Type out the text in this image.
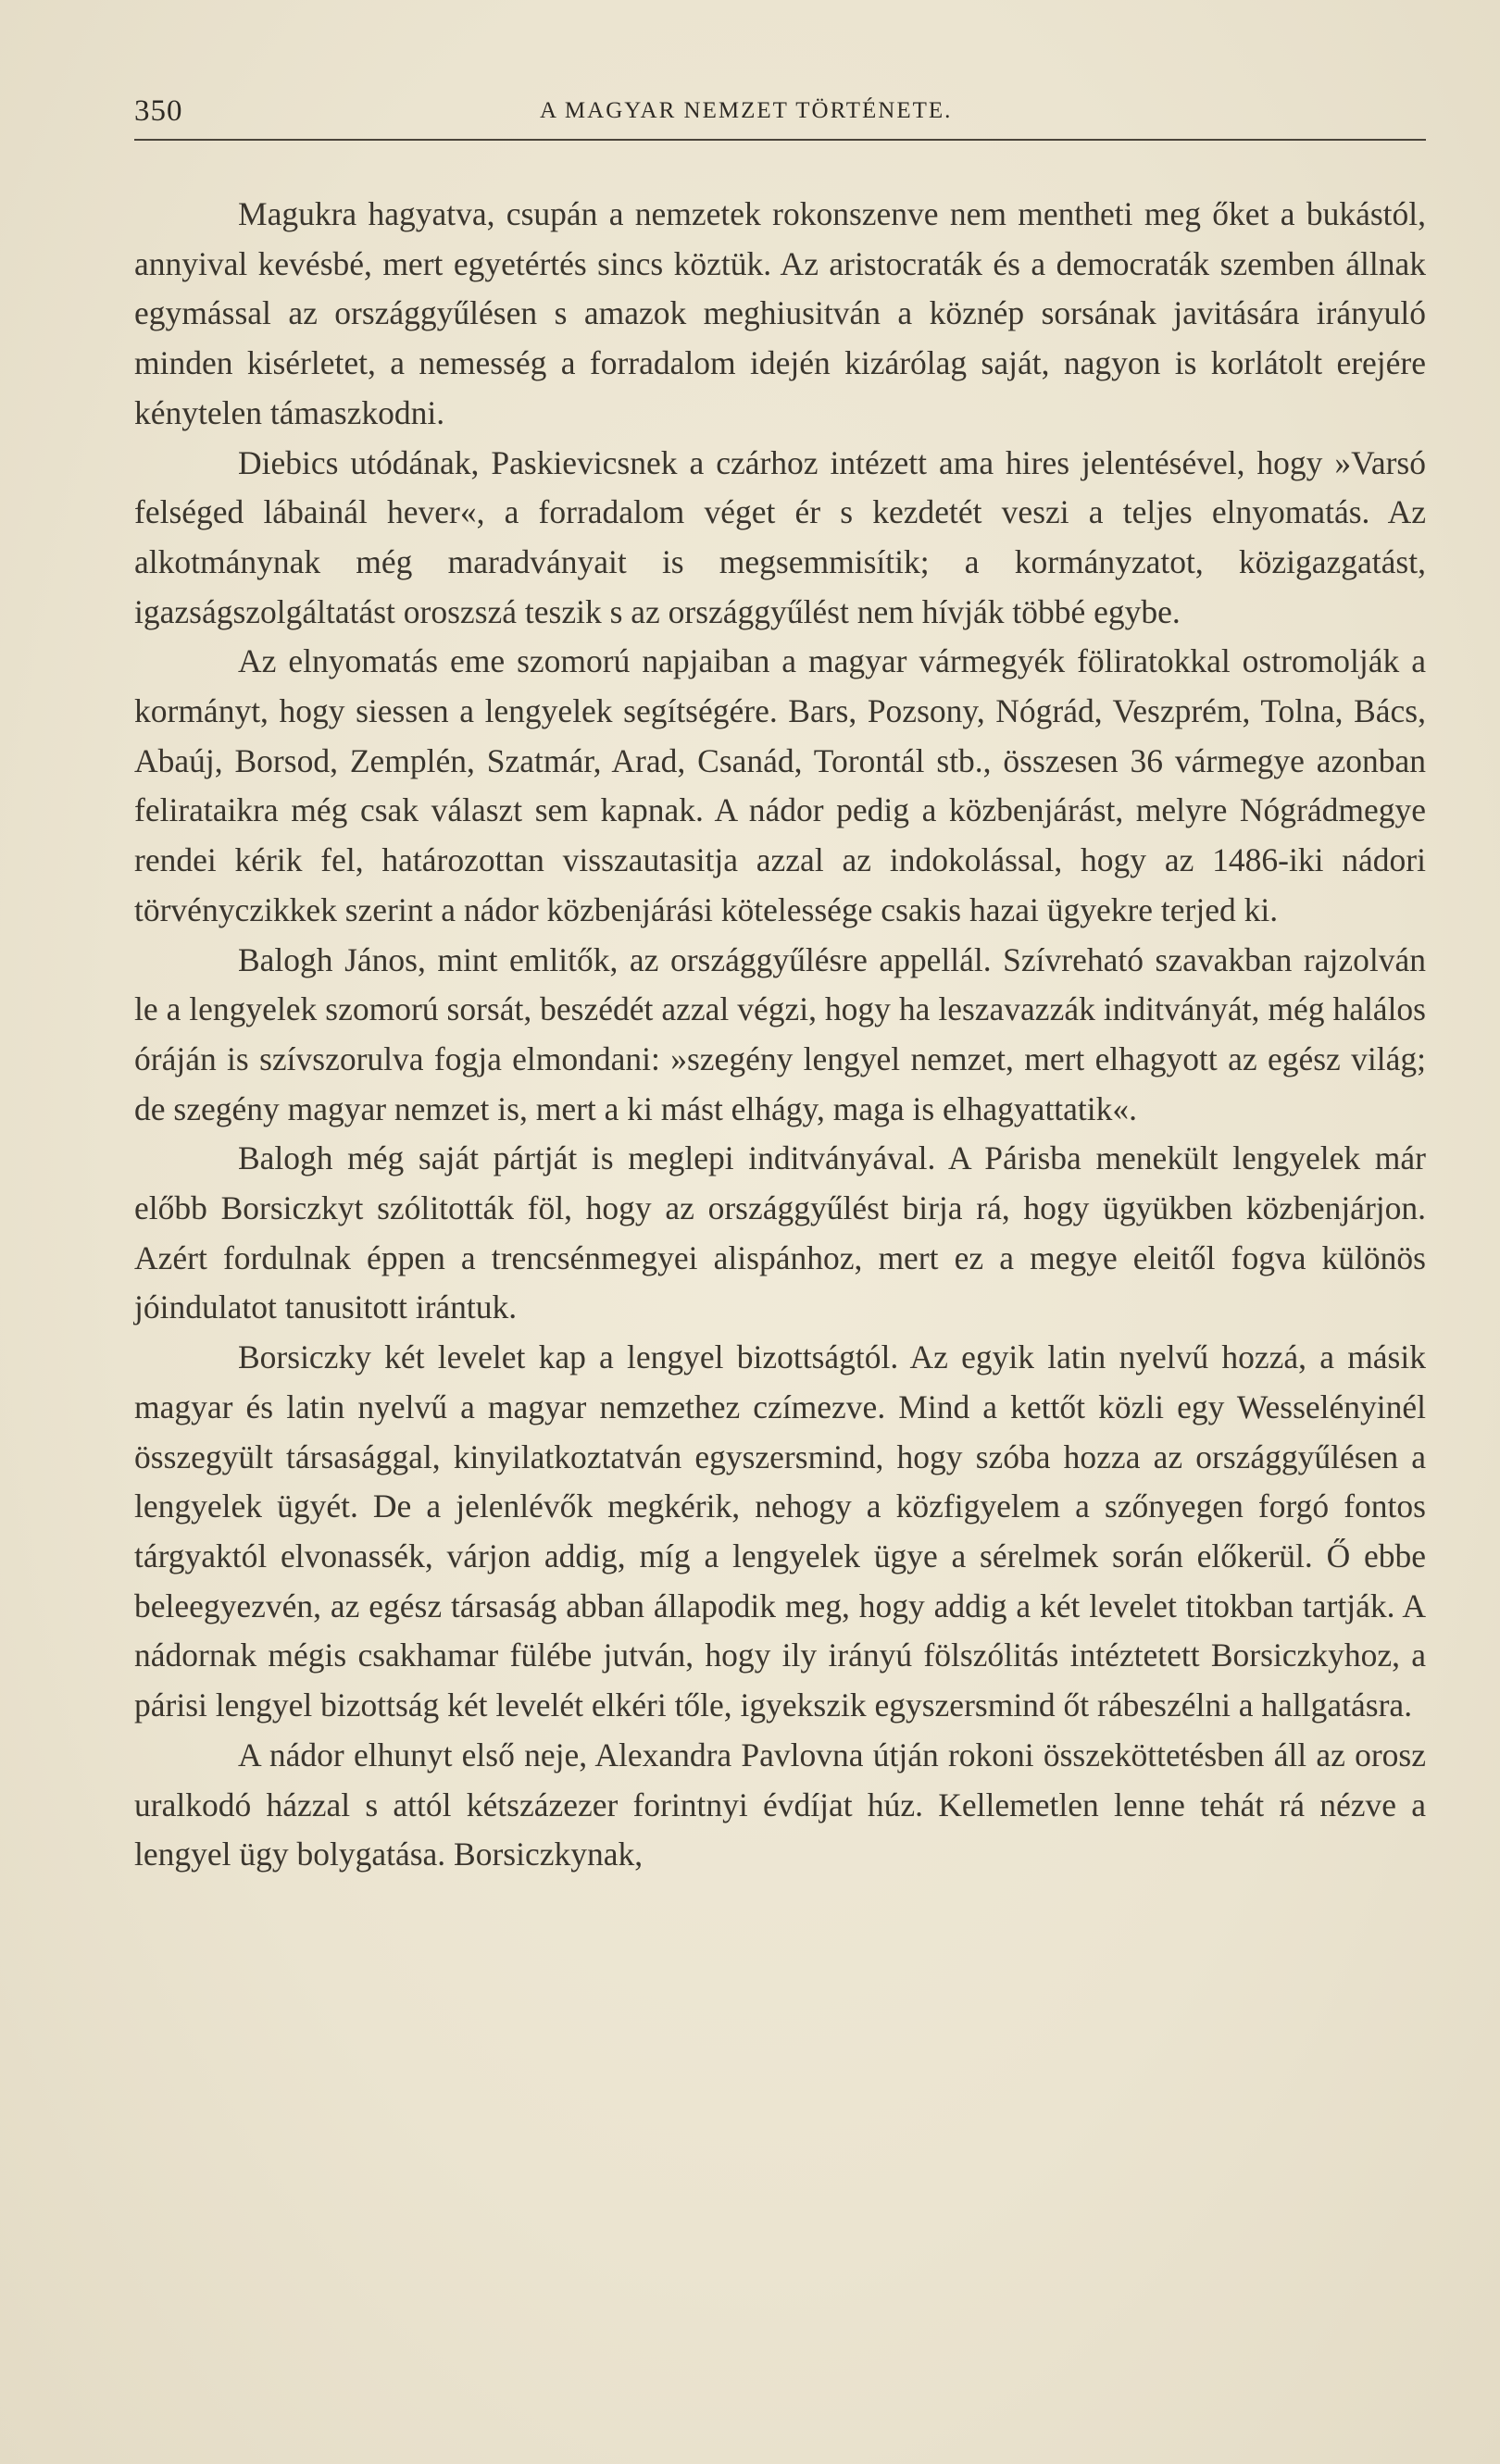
350	A MAGYAR NEMZET TÖRTÉNETE.

Magukra hagyatva, csupán a nemzetek rokonszenve nem mentheti meg őket a bukástól, annyival kevésbé, mert egyetértés sincs köztük. Az aristocraták és a democraták szemben állnak egymással az országgyűlésen s amazok meghiusitván a köznép sorsának javitására irányuló minden kisérletet, a nemesség a forradalom idején kizárólag saját, nagyon is korlátolt erejére kénytelen támaszkodni.

Diebics utódának, Paskievicsnek a czárhoz intézett ama hires jelentésével, hogy »Varsó felséged lábainál hever«, a forradalom véget ér s kezdetét veszi a teljes elnyomatás. Az alkotmánynak még maradványait is megsemmisítik; a kormányzatot, közigazgatást, igazságszolgáltatást oroszszá teszik s az országgyűlést nem hívják többé egybe.

Az elnyomatás eme szomorú napjaiban a magyar vármegyék föliratokkal ostromolják a kormányt, hogy siessen a lengyelek segítségére. Bars, Pozsony, Nógrád, Veszprém, Tolna, Bács, Abaúj, Borsod, Zemplén, Szatmár, Arad, Csanád, Torontál stb., összesen 36 vármegye azonban feliratаikra még csak választ sem kapnak. A nádor pedig a közbenjárást, melyre Nógrádmegye rendei kérik fel, határozottan visszautasitja azzal az indokolással, hogy az 1486-iki nádori törvényczikkek szerint a nádor közbenjárási kötelessége csakis hazai ügyekre terjed ki.

Balogh János, mint emlitők, az országgyűlésre appellál. Szívreható szavakban rajzolván le a lengyelek szomorú sorsát, beszédét azzal végzi, hogy ha leszavazzák inditványát, még halálos óráján is szívszorulva fogja elmondani: »szegény lengyel nemzet, mert elhagyott az egész világ; de szegény magyar nemzet is, mert a ki mást elhágy, maga is elhagyattatik«.

Balogh még saját pártját is meglepi inditványával. A Párisba menekült lengyelek már előbb Borsiczkyt szólitották föl, hogy az országgyűlést birja rá, hogy ügyükben közbenjárjon. Azért fordulnak éppen a trencsénmegyei alispánhoz, mert ez a megye eleitől fogva különös jóindulatot tanusitott irántuk.

Borsiczky két levelet kap a lengyel bizottságtól. Az egyik latin nyelvű hozzá, a másik magyar és latin nyelvű a magyar nemzethez czímezve. Mind a kettőt közli egy Wesselényinél összegyült társasággal, kinyilatkoztatván egyszersmind, hogy szóba hozza az országgyűlésen a lengyelek ügyét. De a jelenlévők megkérik, nehogy a közfigyelem a szőnyegen forgó fontos tárgyaktól elvonassék, várjon addig, míg a lengyelek ügye a sérelmek során előkerül. Ő ebbe beleegyezvén, az egész társaság abban állapodik meg, hogy addig a két levelet titokban tartják. A nádornak mégis csakhamar fülébe jutván, hogy ily irányú fölszólitás intéztetett Borsiczkyhoz, a párisi lengyel bizottság két levelét elkéri tőle, igyekszik egyszersmind őt rábeszélni a hallgatásra.

A nádor elhunyt első neje, Alexandra Pavlovna útján rokoni összeköttetésben áll az orosz uralkodó házzal s attól kétszázezer forintnyi évdíjat húz. Kellemetlen lenne tehát rá nézve a lengyel ügy bolygatása. Borsiczkynak,
